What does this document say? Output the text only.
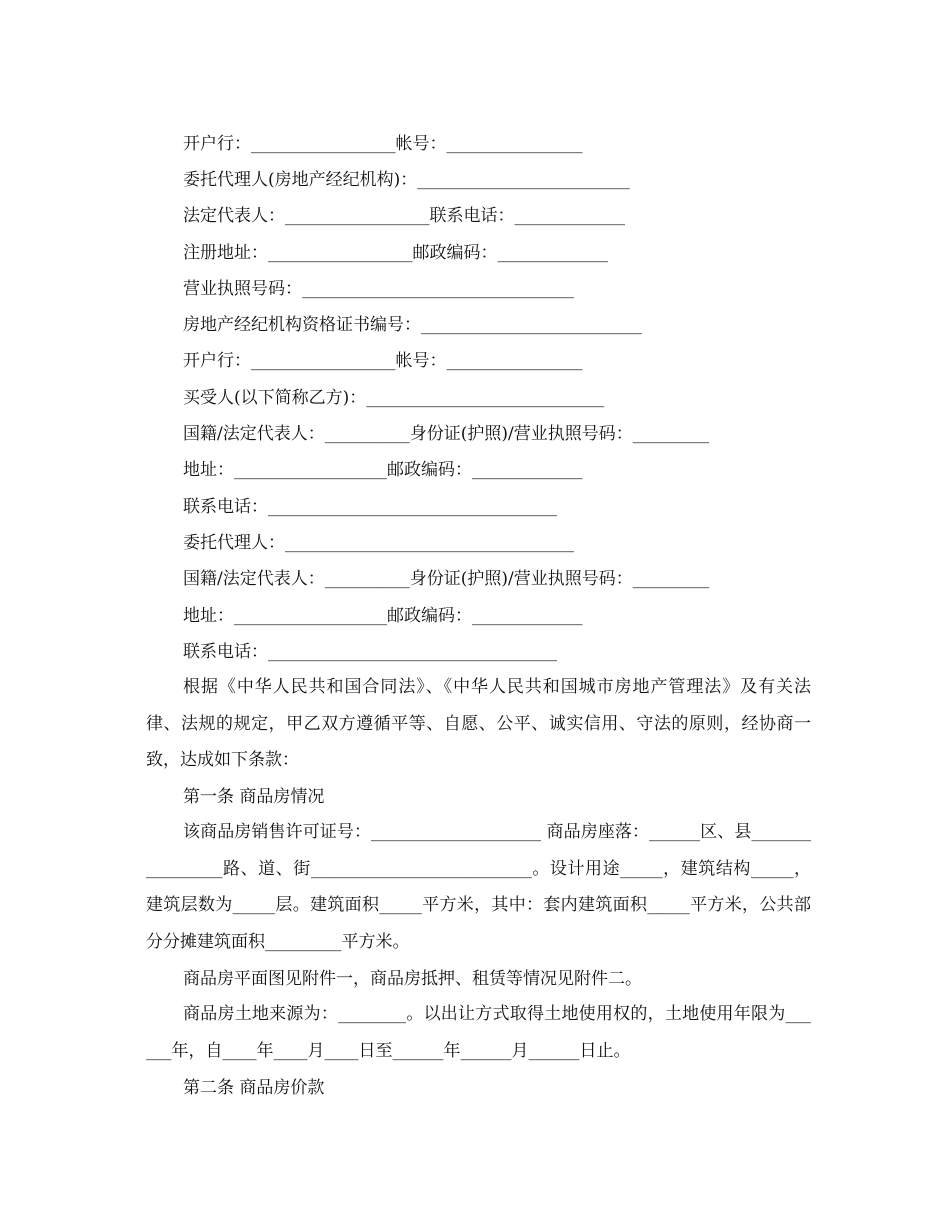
开户行：_________________帐号：________________
委托代理人(房地产经纪机构)：_________________________
法定代表人：_________________联系电话：_____________
注册地址：_________________邮政编码：_____________
营业执照号码：________________________________
房地产经纪机构资格证书编号：__________________________
开户行：_________________帐号：________________
买受人(以下简称乙方)：____________________________
国籍/法定代表人：__________身份证(护照)/营业执照号码：_________
地址：__________________邮政编码：_____________
联系电话：__________________________________
委托代理人：__________________________________
国籍/法定代表人：__________身份证(护照)/营业执照号码：_________
地址：__________________邮政编码：_____________
联系电话：__________________________________
根据《中华人民共和国合同法》、《中华人民共和国城市房地产管理法》及有关法律、法规的规定，甲乙双方遵循平等、自愿、公平、诚实信用、守法的原则，经协商一致，达成如下条款：
第一条 商品房情况
该商品房销售许可证号：____________________ 商品房座落：______区、县________________路、道、街__________________________。设计用途_____，建筑结构_____，建筑层数为_____层。建筑面积_____平方米，其中：套内建筑面积_____平方米，公共部分分摊建筑面积_________平方米。
商品房平面图见附件一，商品房抵押、租赁等情况见附件二。
商品房土地来源为：________。以出让方式取得土地使用权的，土地使用年限为______年，自____年____月____日至______年______月______日止。
第二条 商品房价款
